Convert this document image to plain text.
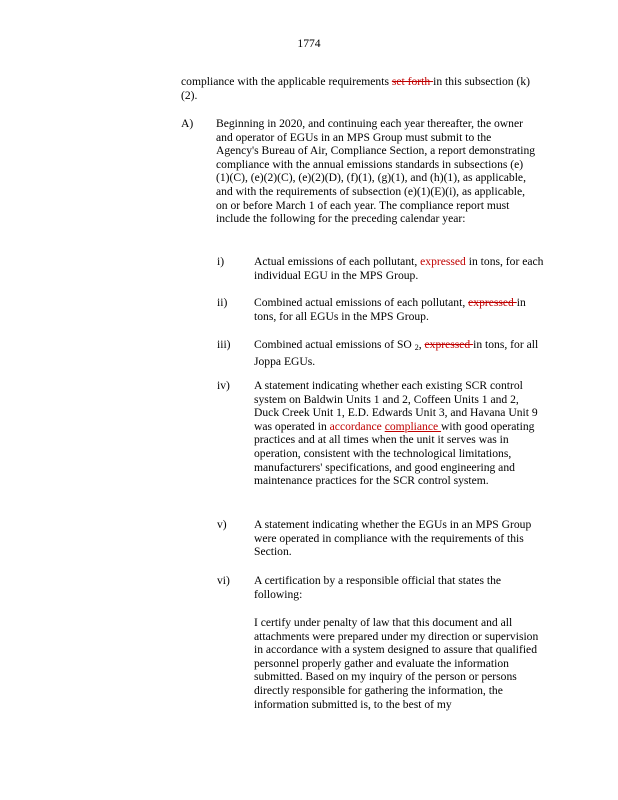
1774
compliance with the applicable requirements set forth in this subsection (k)(2).
A) Beginning in 2020, and continuing each year thereafter, the owner and operator of EGUs in an MPS Group must submit to the Agency's Bureau of Air, Compliance Section, a report demonstrating compliance with the annual emissions standards in subsections (e)(1)(C), (e)(2)(C), (e)(2)(D), (f)(1), (g)(1), and (h)(1), as applicable, and with the requirements of subsection (e)(1)(E)(i), as applicable, on or before March 1 of each year. The compliance report must include the following for the preceding calendar year:
i)	Actual emissions of each pollutant, expressed in tons, for each individual EGU in the MPS Group.
ii) Combined actual emissions of each pollutant, expressed in tons, for all EGUs in the MPS Group.
iii) Combined actual emissions of SO $_2$, expressed in tons, for all Joppa EGUs.
iv) A statement indicating whether each existing SCR control system on Baldwin Units 1 and 2, Coffeen Units 1 and 2, Duck Creek Unit 1, E.D. Edwards Unit 3, and Havana Unit 9 was operated in accordance compliance with good operating practices and at all times when the unit it serves was in operation, consistent with the technological limitations, manufacturers' specifications, and good engineering and maintenance practices for the SCR control system.
v) A statement indicating whether the EGUs in an MPS Group were operated in compliance with the requirements of this Section.
vi) A certification by a responsible official that states the following:
I certify under penalty of law that this document and all attachments were prepared under my direction or supervision in accordance with a system designed to assure that qualified personnel properly gather and evaluate the information submitted. Based on my inquiry of the person or persons directly responsible for gathering the information, the information submitted is, to the best of my
